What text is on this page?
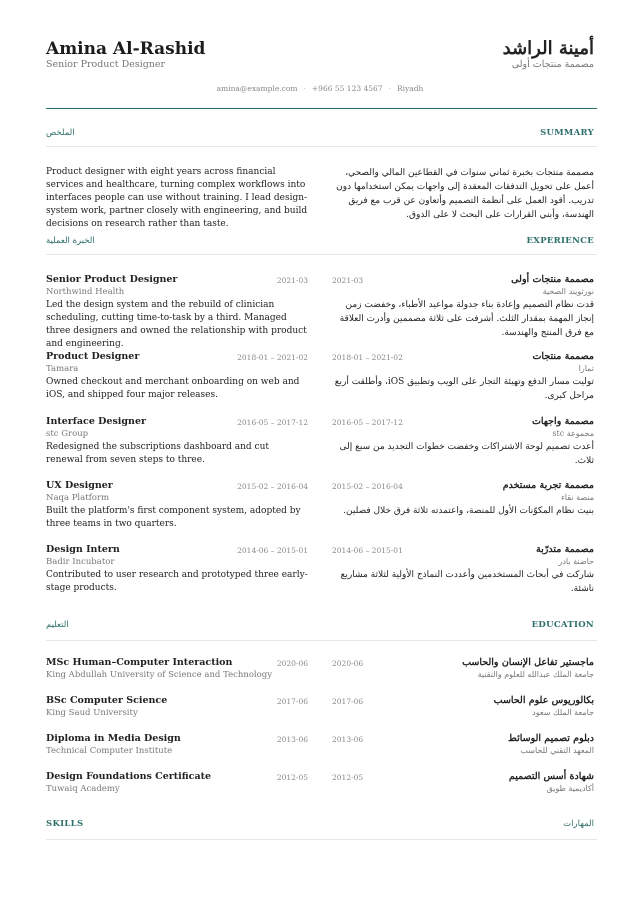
Amina Al-Rashid
Senior Product Designer
أمينة الراشد
مصممة منتجات أولى
amina@example.com · +966 55 123 4567 · Riyadh
الملخص	SUMMARY
Product designer with eight years across financial services and healthcare, turning complex workflows into interfaces people can use without training. I lead design-system work, partner closely with engineering, and build decisions on research rather than taste.
مصممة منتجات بخبرة ثماني سنوات في القطاعين المالي والصحي، أعمل على تحويل التدفقات المعقدة إلى واجهات يمكن استخدامها دون تدريب. أقود العمل على أنظمة التصميم وأتعاون عن قرب مع فريق الهندسة، وأبني القرارات على البحث لا على الذوق.
الخبرة العملية	EXPERIENCE
Senior Product Designer	2021-03
Northwind Health
Led the design system and the rebuild of clinician scheduling, cutting time-to-task by a third. Managed three designers and owned the relationship with product and engineering.
مصممة منتجات أولى
2021-03
نورثويند الصحية
قدت نظام التصميم وإعادة بناء جدولة مواعيد الأطباء، وخفضت زمن إنجاز المهمة بمقدار الثلث. أشرفت على ثلاثة مصممين وأدرت العلاقة مع فرق المنتج والهندسة.
Product Designer	2018-01 – 2021-02
Tamara
Owned checkout and merchant onboarding on web and iOS, and shipped four major releases.
مصممة منتجات
2018-01 – 2021-02
تمارا
توليت مسار الدفع وتهيئة التجار على الويب وتطبيق iOS، وأطلقت أربع مراحل كبرى.
Interface Designer	2016-05 – 2017-12
stc Group
Redesigned the subscriptions dashboard and cut renewal from seven steps to three.
مصممة واجهات
2016-05 – 2017-12
مجموعة stc
أعدت تصميم لوحة الاشتراكات وخفضت خطوات التجديد من سبع إلى ثلاث.
UX Designer	2015-02 – 2016-04
Naqa Platform
Built the platform's first component system, adopted by three teams in two quarters.
مصممة تجربة مستخدم
2015-02 – 2016-04
منصة نقاء
بنيت نظام المكوّنات الأول للمنصة، واعتمدته ثلاثة فرق خلال فصلين.
Design Intern	2014-06 – 2015-01
Badir Incubator
Contributed to user research and prototyped three early-stage products.
مصممة متدرّبة
2014-06 – 2015-01
حاضنة بادر
شاركت في أبحاث المستخدمين وأعددت النماذج الأولية لثلاثة مشاريع ناشئة.
التعليم	EDUCATION
MSc Human–Computer Interaction	2020-06
King Abdullah University of Science and Technology
ماجستير تفاعل الإنسان والحاسب
2020-06
جامعة الملك عبدالله للعلوم والتقنية
BSc Computer Science	2017-06
King Saud University
بكالوريوس علوم الحاسب
2017-06
جامعة الملك سعود
Diploma in Media Design	2013-06
Technical Computer Institute
دبلوم تصميم الوسائط
2013-06
المعهد التقني للحاسب
Design Foundations Certificate	2012-05
Tuwaiq Academy
شهادة أسس التصميم
2012-05
أكاديمية طويق
SKILLS	المهارات
